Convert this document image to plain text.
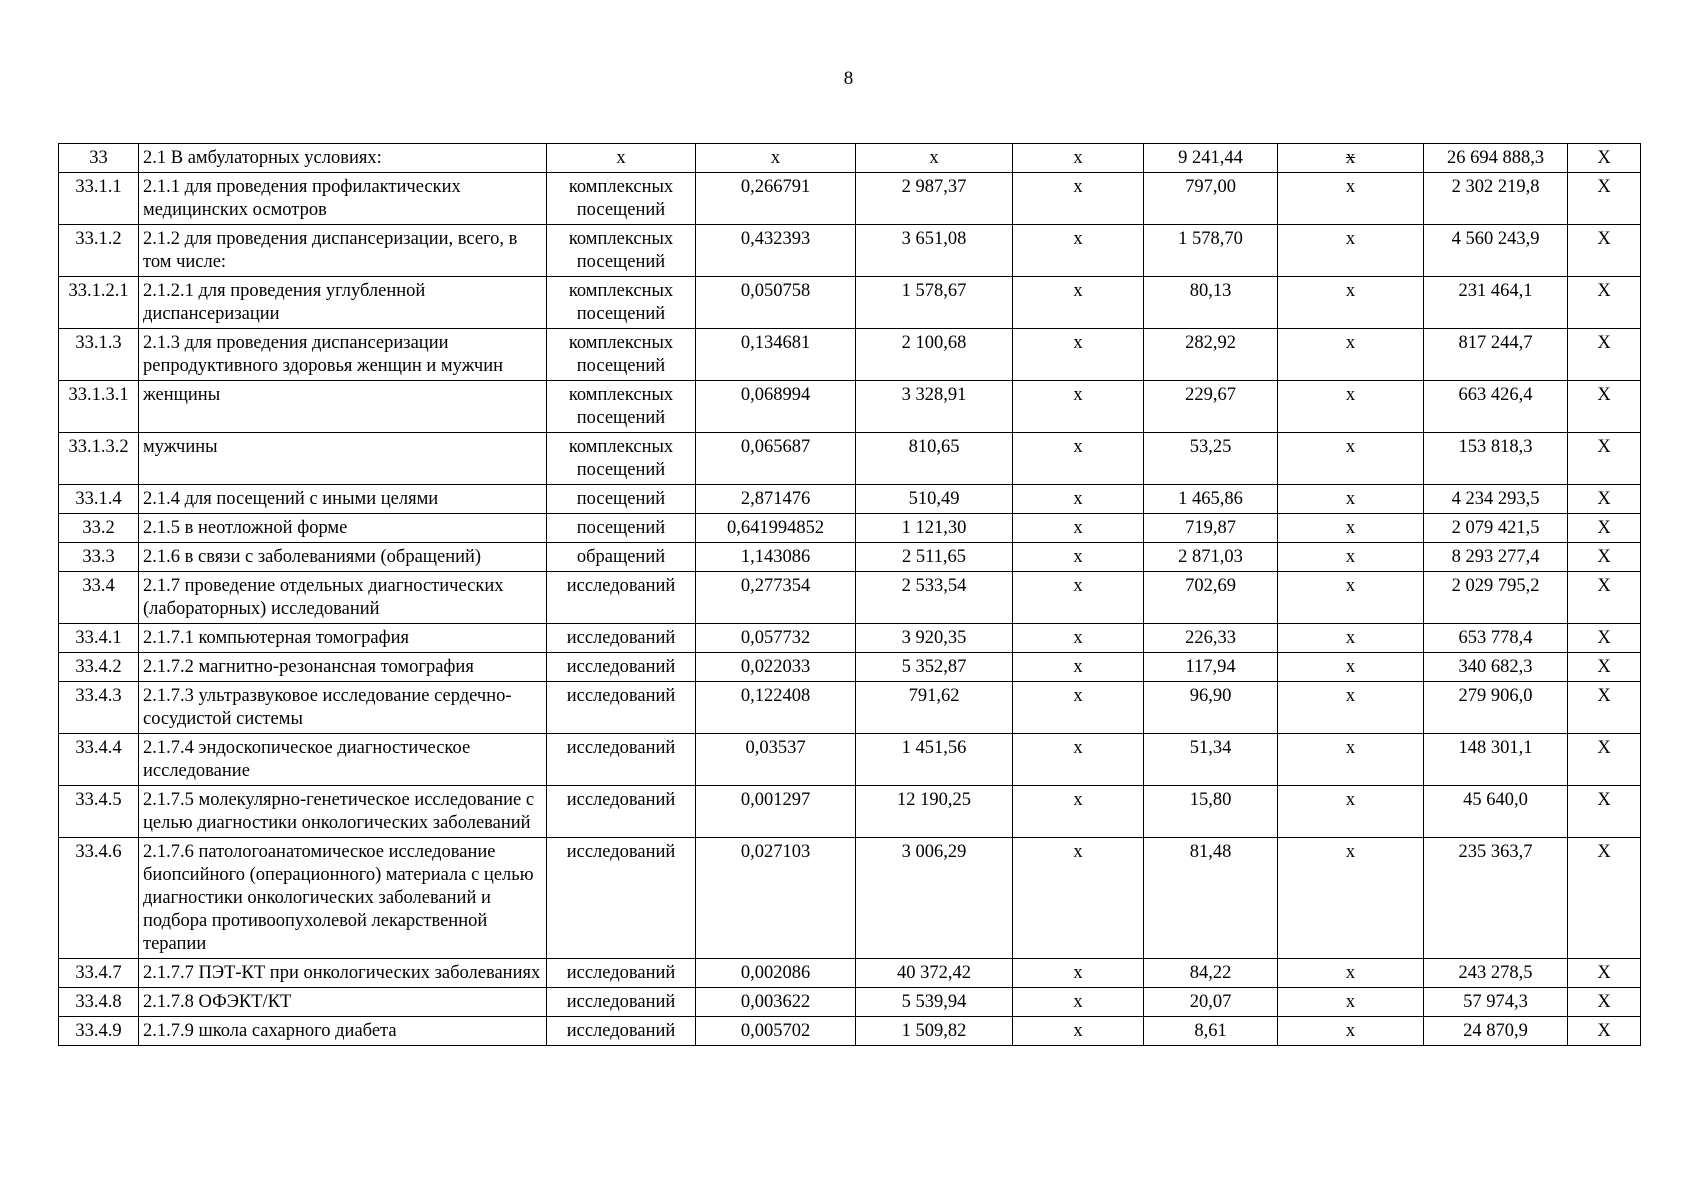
8
33	2.1 В амбулаторных условиях:	х	х	х	х	9 241,44	х	26 694 888,3	Х
33.1.1	2.1.1 для проведения профилактических медицинских осмотров	комплексных посещений	0,266791	2 987,37	х	797,00	х	2 302 219,8	Х
33.1.2	2.1.2 для проведения диспансеризации, всего, в том числе:	комплексных посещений	0,432393	3 651,08	х	1 578,70	х	4 560 243,9	Х
33.1.2.1	2.1.2.1 для проведения углубленной диспансеризации	комплексных посещений	0,050758	1 578,67	х	80,13	х	231 464,1	Х
33.1.3	2.1.3 для проведения диспансеризации репродуктивного здоровья женщин и мужчин	комплексных посещений	0,134681	2 100,68	х	282,92	х	817 244,7	Х
33.1.3.1	женщины	комплексных посещений	0,068994	3 328,91	х	229,67	х	663 426,4	Х
33.1.3.2	мужчины	комплексных посещений	0,065687	810,65	х	53,25	х	153 818,3	Х
33.1.4	2.1.4 для посещений с иными целями	посещений	2,871476	510,49	х	1 465,86	х	4 234 293,5	Х
33.2	2.1.5 в неотложной форме	посещений	0,641994852	1 121,30	х	719,87	х	2 079 421,5	Х
33.3	2.1.6 в связи с заболеваниями (обращений)	обращений	1,143086	2 511,65	х	2 871,03	х	8 293 277,4	Х
33.4	2.1.7 проведение отдельных диагностических (лабораторных) исследований	исследований	0,277354	2 533,54	х	702,69	х	2 029 795,2	Х
33.4.1	2.1.7.1 компьютерная томография	исследований	0,057732	3 920,35	х	226,33	х	653 778,4	Х
33.4.2	2.1.7.2 магнитно-резонансная томография	исследований	0,022033	5 352,87	х	117,94	х	340 682,3	Х
33.4.3	2.1.7.3 ультразвуковое исследование сердечно-сосудистой системы	исследований	0,122408	791,62	х	96,90	х	279 906,0	Х
33.4.4	2.1.7.4 эндоскопическое диагностическое исследование	исследований	0,03537	1 451,56	х	51,34	х	148 301,1	Х
33.4.5	2.1.7.5 молекулярно-генетическое исследование с целью диагностики онкологических заболеваний	исследований	0,001297	12 190,25	х	15,80	х	45 640,0	Х
33.4.6	2.1.7.6 патологоанатомическое исследование биопсийного (операционного) материала с целью диагностики онкологических заболеваний и подбора противоопухолевой лекарственной терапии	исследований	0,027103	3 006,29	х	81,48	х	235 363,7	Х
33.4.7	2.1.7.7 ПЭТ-КТ при онкологических заболеваниях	исследований	0,002086	40 372,42	х	84,22	х	243 278,5	Х
33.4.8	2.1.7.8 ОФЭКТ/КТ	исследований	0,003622	5 539,94	х	20,07	х	57 974,3	Х
33.4.9	2.1.7.9 школа сахарного диабета	исследований	0,005702	1 509,82	х	8,61	х	24 870,9	Х
